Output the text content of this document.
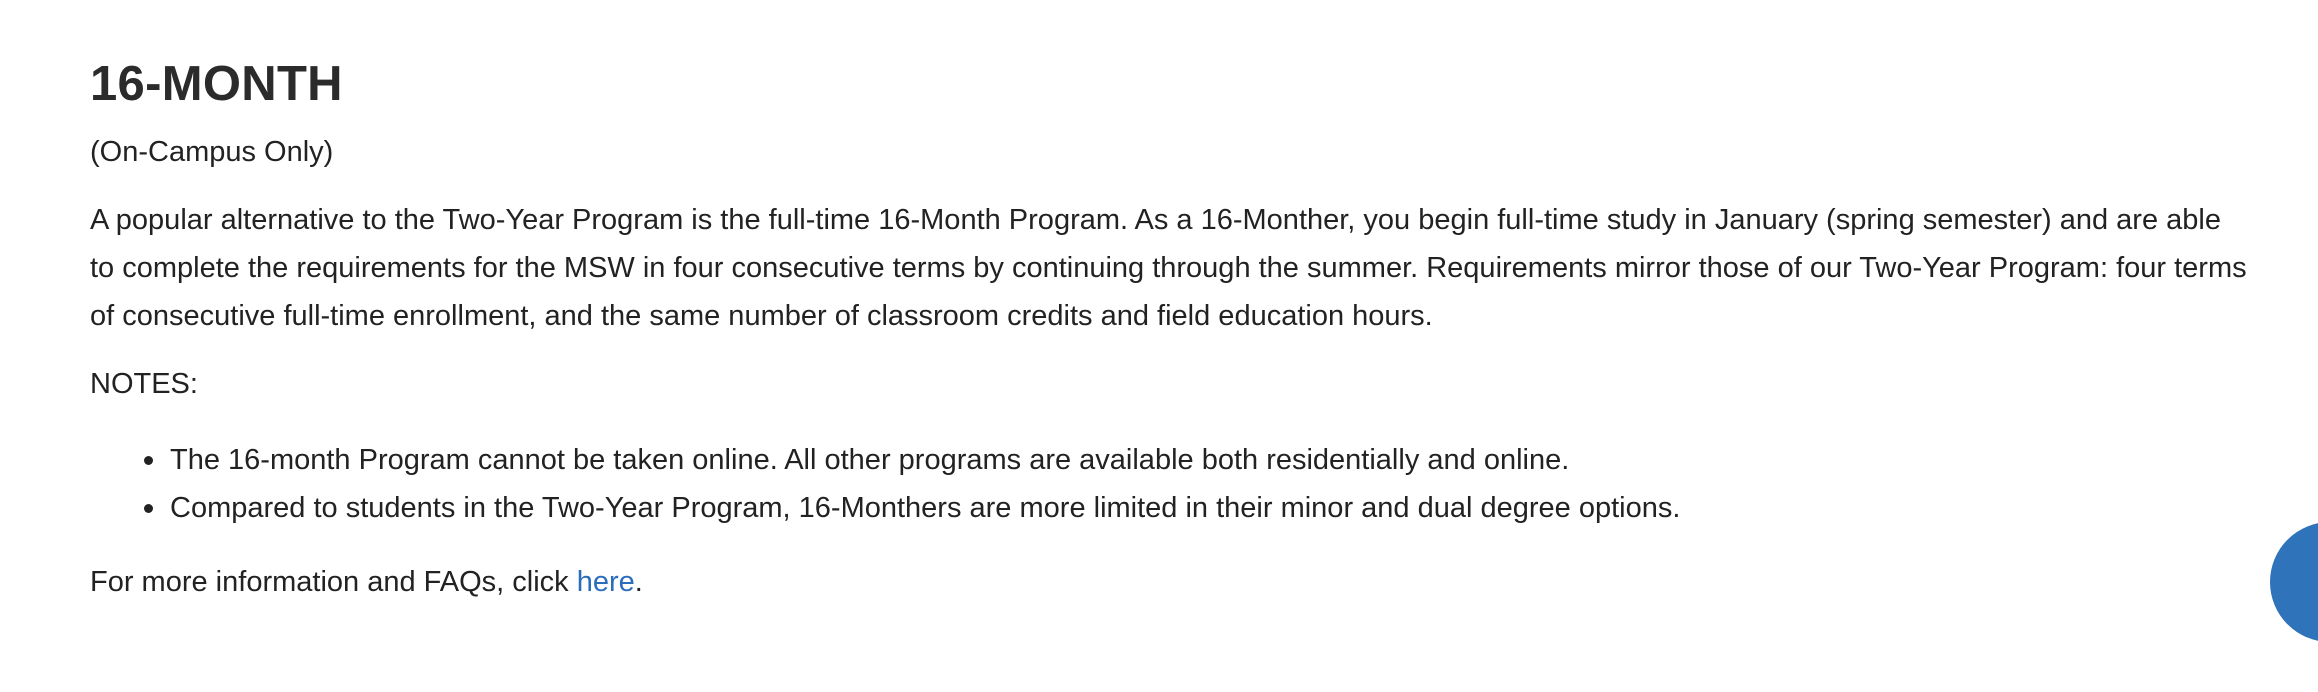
16-MONTH

(On-Campus Only)

A popular alternative to the Two-Year Program is the full-time 16-Month Program. As a 16-Monther, you begin full-time study in January (spring semester) and are able to complete the requirements for the MSW in four consecutive terms by continuing through the summer. Requirements mirror those of our Two-Year Program: four terms of consecutive full-time enrollment, and the same number of classroom credits and field education hours.

NOTES:

The 16-month Program cannot be taken online. All other programs are available both residentially and online.
Compared to students in the Two-Year Program, 16-Monthers are more limited in their minor and dual degree options.

For more information and FAQs, click here.
